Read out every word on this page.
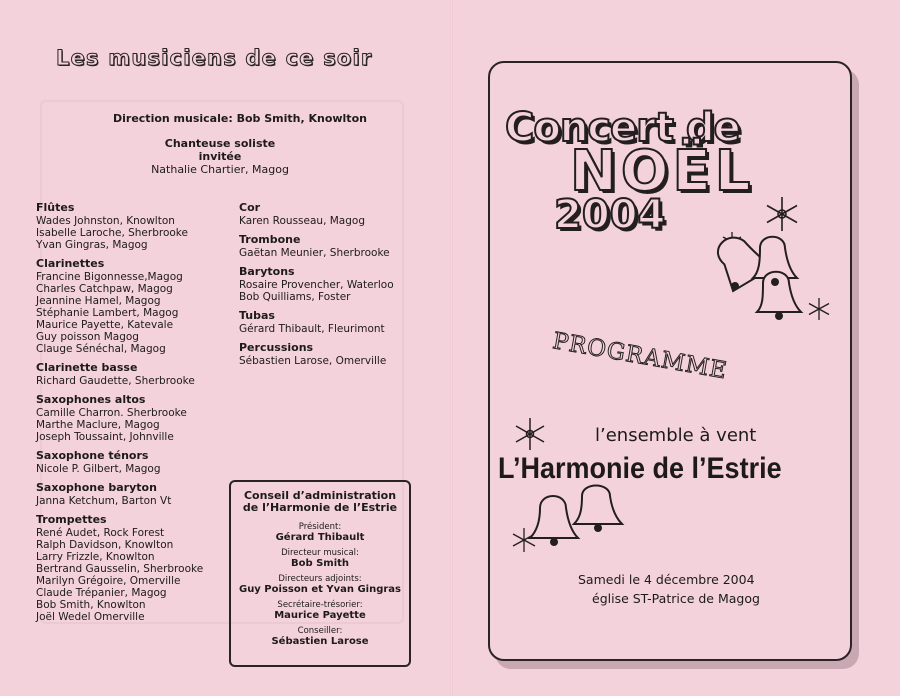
Les musiciens de ce soir
Direction musicale: Bob Smith, Knowlton
Chanteuse soliste invitée
Nathalie Chartier, Magog
Flûtes
Wades Johnston, Knowlton
Isabelle Laroche, Sherbrooke
Yvan Gingras, Magog
Clarinettes
Francine Bigonnesse,Magog
Charles Catchpaw, Magog
Jeannine Hamel, Magog
Stéphanie Lambert, Magog
Maurice Payette, Katevale
Guy poisson Magog
Clauge Sénéchal, Magog
Clarinette basse
Richard Gaudette, Sherbrooke
Saxophones altos
Camille Charron. Sherbrooke
Marthe Maclure, Magog
Joseph Toussaint, Johnville
Saxophone ténors
Nicole P. Gilbert, Magog
Saxophone baryton
Janna Ketchum, Barton Vt
Trompettes
René Audet, Rock Forest
Ralph Davidson, Knowlton
Larry Frizzle, Knowlton
Bertrand Gausselin, Sherbrooke
Marilyn Grégoire, Omerville
Claude Trépanier, Magog
Bob Smith, Knowlton
Joël Wedel Omerville
Cor
Karen Rousseau, Magog
Trombone
Gaëtan Meunier, Sherbrooke
Barytons
Rosaire Provencher, Waterloo
Bob Quilliams, Foster
Tubas
Gérard Thibault, Fleurimont
Percussions
Sébastien Larose, Omerville
Conseil d’administration
de l’Harmonie de l’Estrie
Président:
Gérard Thibault
Directeur musical:
Bob Smith
Directeurs adjoints:
Guy Poisson et Yvan Gingras
Secrétaire-trésorier:
Maurice Payette
Conseiller:
Sébastien Larose
Concert de
NOËL
2004
PROGRAMME
l’ensemble à vent
L’Harmonie de l’Estrie
Samedi le 4 décembre 2004
église ST-Patrice de Magog
